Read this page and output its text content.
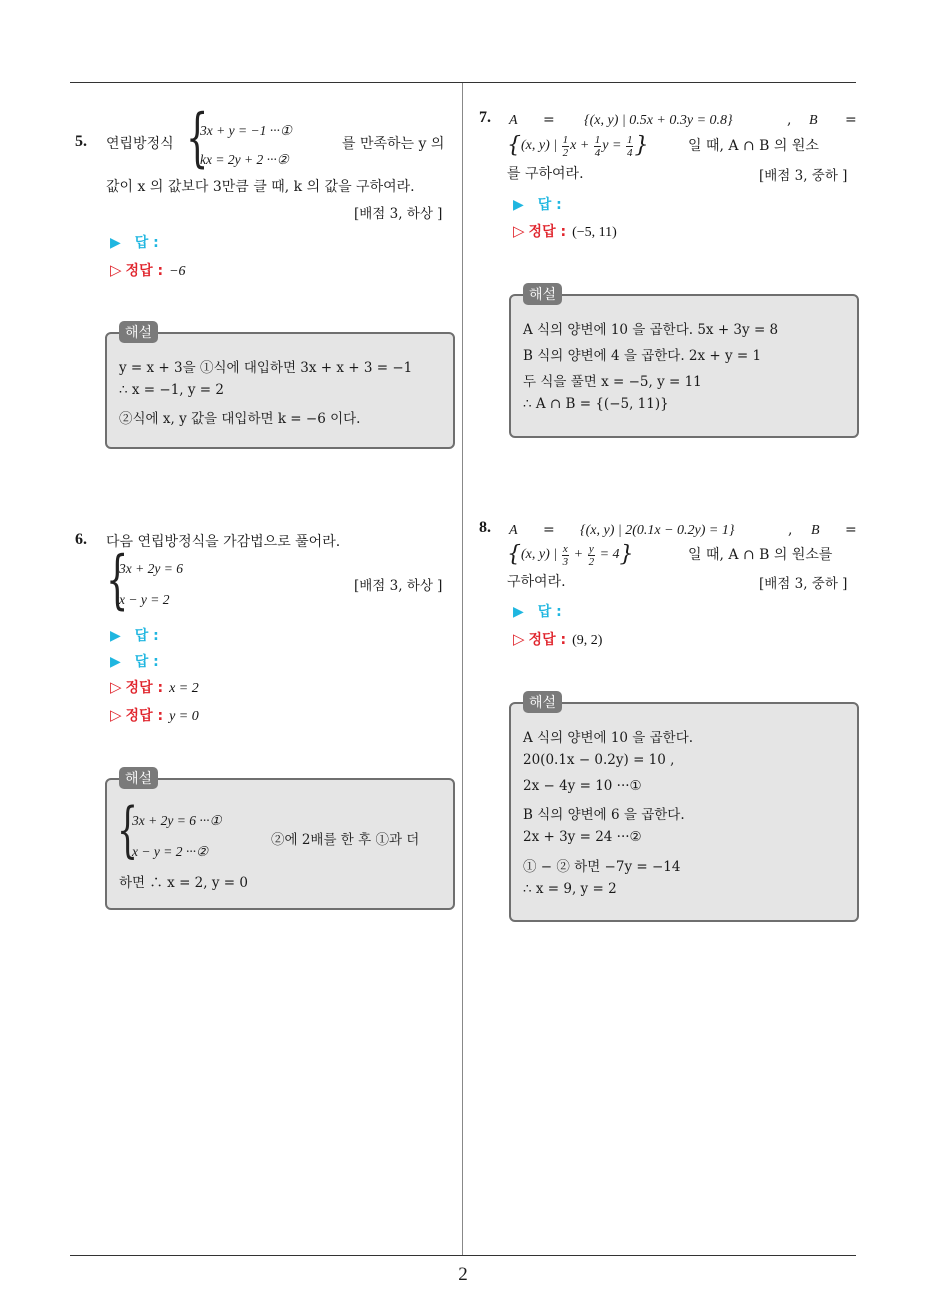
2
5. 연립방정식 {
3x + y = −1 ···①
kx = 2y + 2 ···②
를 만족하는 y 의
값이 x 의 값보다 3만큼 클 때, k 의 값을 구하여라.
[배점 3, 하상 ]
▶ 답 :
▷ 정답 : −6
해설
y = x + 3을 ①식에 대입하면 3x + x + 3 = −1
∴ x = −1, y = 2
②식에 x, y 값을 대입하면 k = −6 이다.
6. 다음 연립방정식을 가감법으로 풀어라.
{
3x + 2y = 6
x − y = 2
[배점 3, 하상 ]
▶ 답 :
▶ 답 :
▷ 정답 : x = 2
▷ 정답 : y = 0
해설
{
3x + 2y = 6 ···①
x − y = 2 ···②
②에 2배를 한 후 ①과 더
하면 ∴ x = 2, y = 0
7. A = {(x, y) | 0.5x + 0.3y = 0.8}	, B =
{(x, y) | $\frac{1}{2}$ $x + \frac{1}{4}$ $y = \frac{1}{4}$ }	일 때, A ∩ B 의 원소
를 구하여라.	[배점 3, 중하 ]
▶ 답 :
▷ 정답 : (−5, 11)
해설
A 식의 양변에 10 을 곱한다. 5x + 3y = 8
B 식의 양변에 4 을 곱한다. 2x + y = 1
두 식을 풀면 x = −5, y = 11
∴ A ∩ B = {(−5, 11)}
8. A = {(x, y) | 2(0.1x − 0.2y) = 1}	, B =
{(x, y) | $\frac{x}{3} + \frac{y}{2} = 4$}	일 때, A ∩ B 의 원소를
구하여라.	[배점 3, 중하 ]
▶ 답 :
▷ 정답 : (9, 2)
해설
A 식의 양변에 10 을 곱한다.
20(0.1x − 0.2y) = 10 ,
2x − 4y = 10 ···①
B 식의 양변에 6 을 곱한다.
2x + 3y = 24 ···②
① − ② 하면 −7y = −14
∴ x = 9, y = 2
